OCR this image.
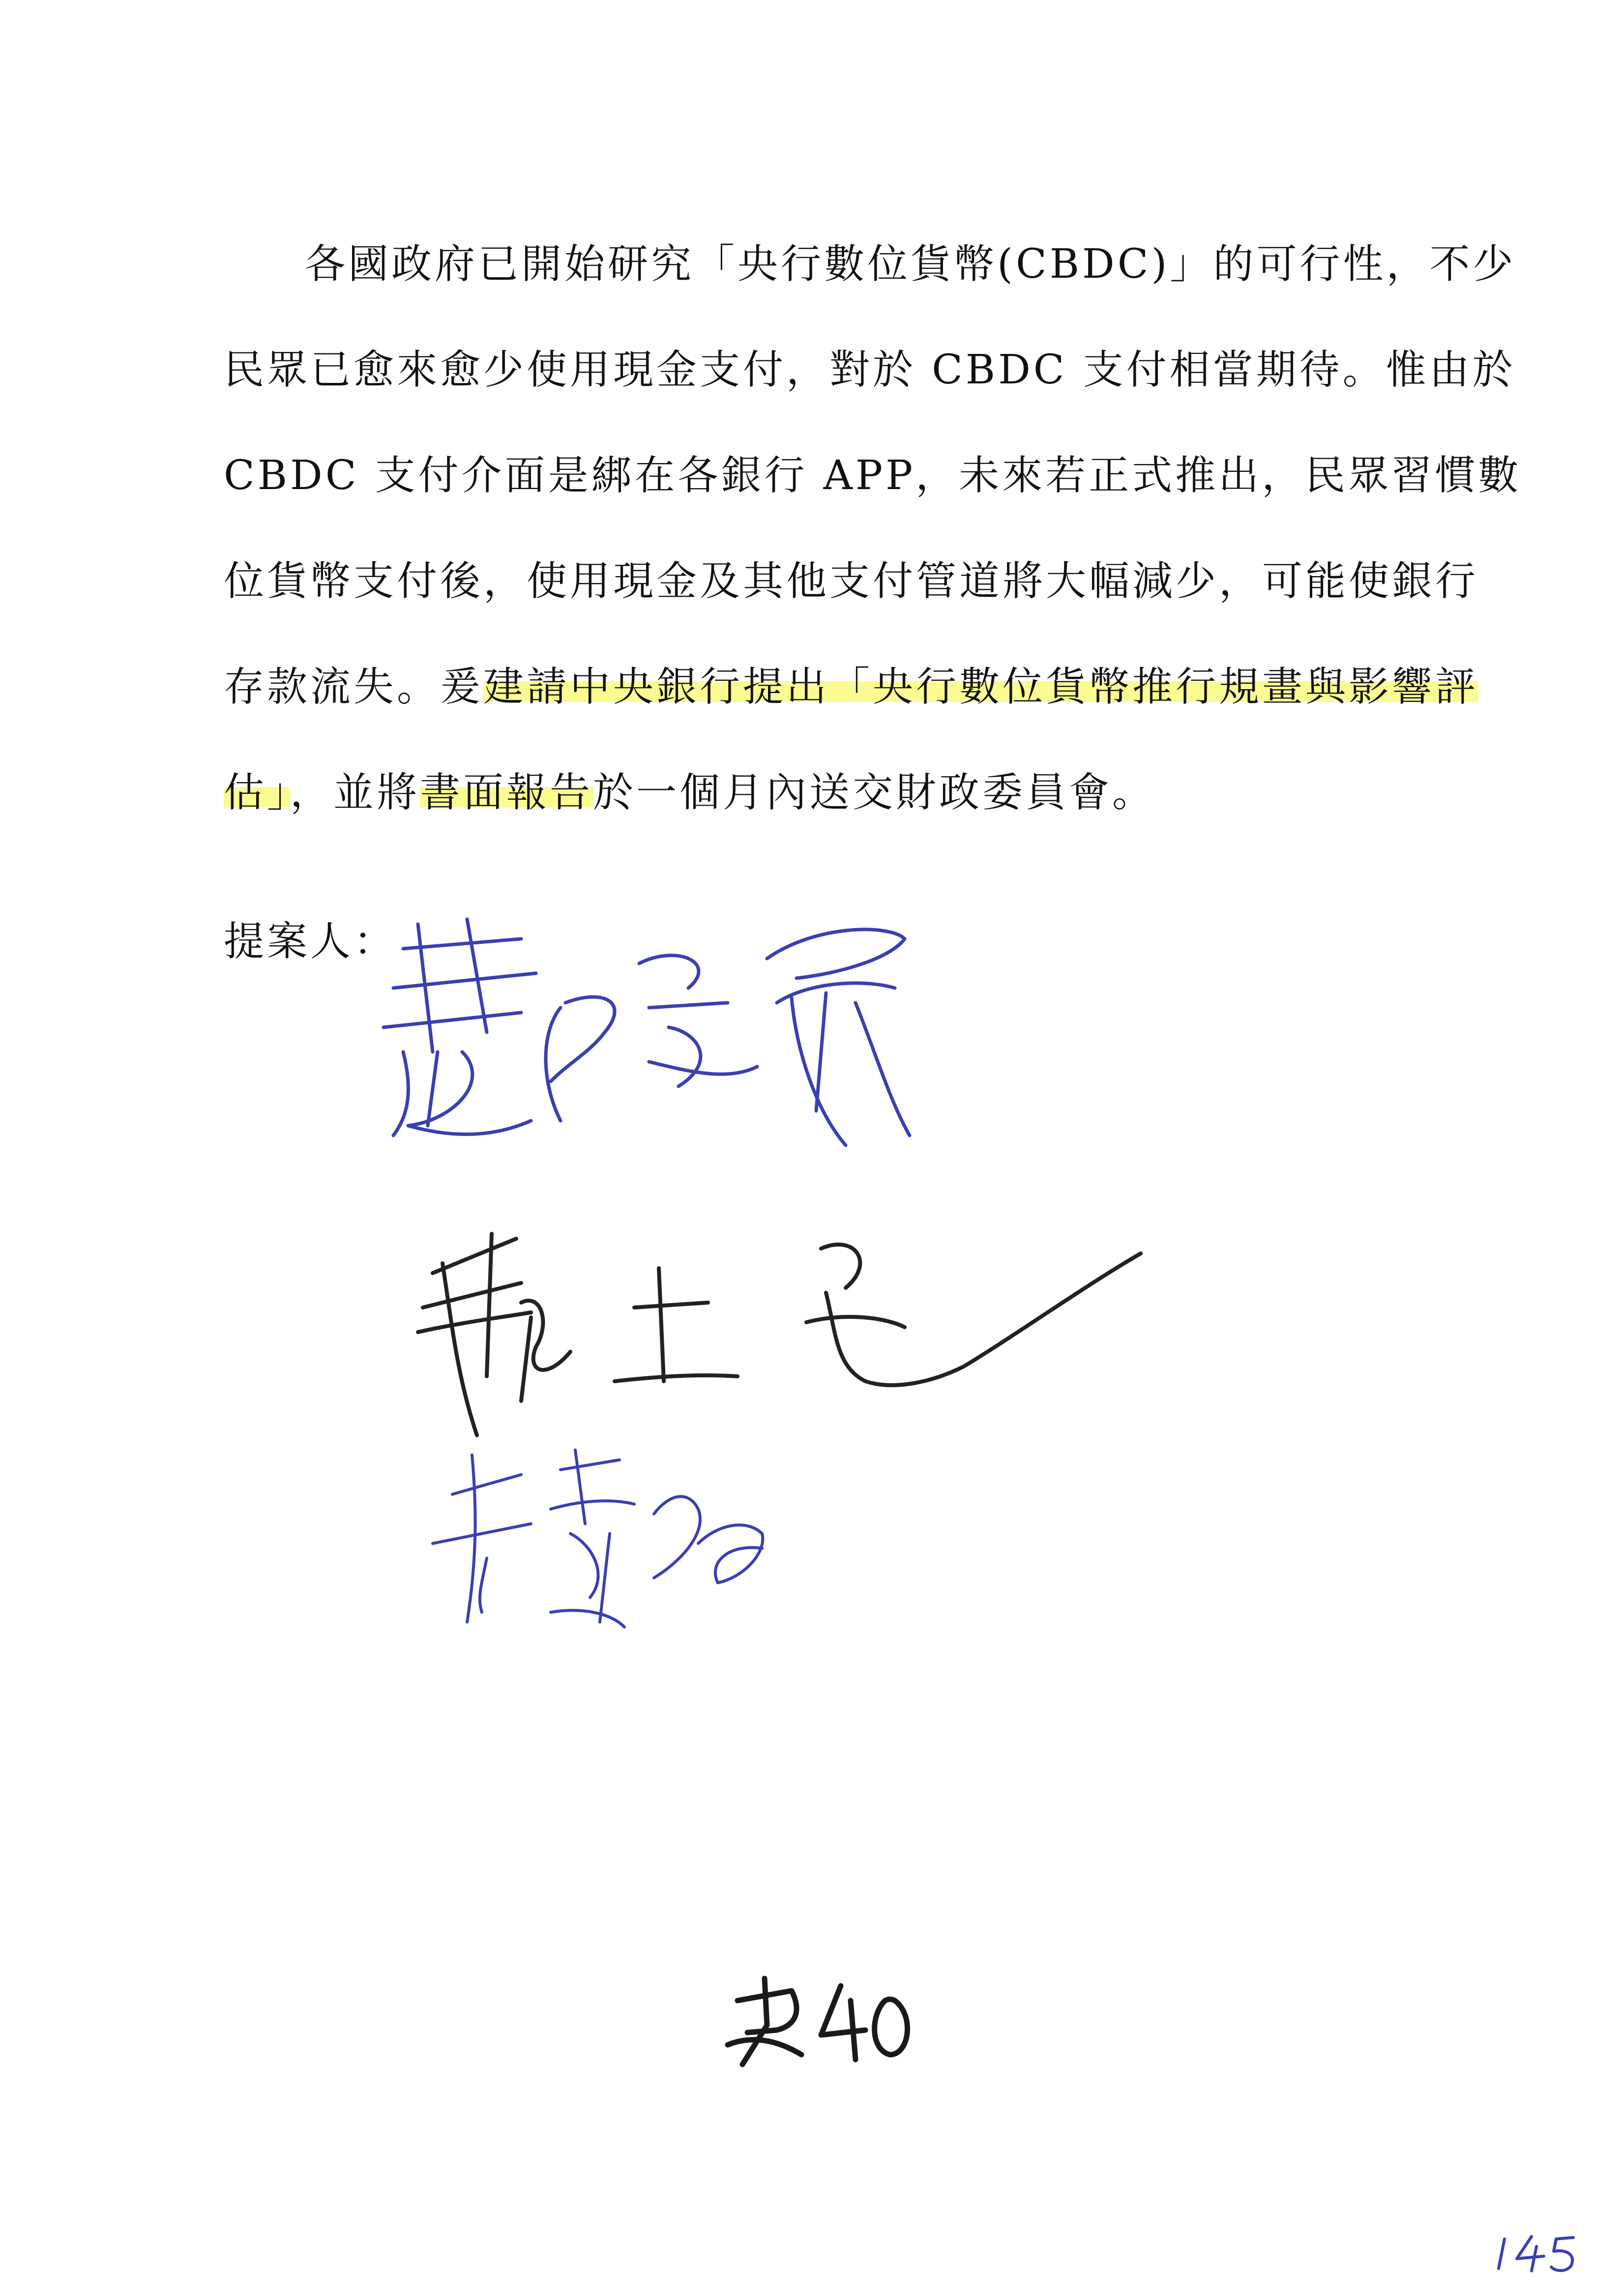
各國政府已開始研究「央行數位貨幣(CBDC)」的可行性，不少
民眾已愈來愈少使用現金支付，對於 CBDC 支付相當期待。惟由於
CBDC 支付介面是綁在各銀行 APP，未來若正式推出，民眾習慣數
位貨幣支付後，使用現金及其他支付管道將大幅減少，可能使銀行
存款流失。爰建請中央銀行提出「央行數位貨幣推行規畫與影響評
估」，並將書面報告於一個月內送交財政委員會。
提案人：
